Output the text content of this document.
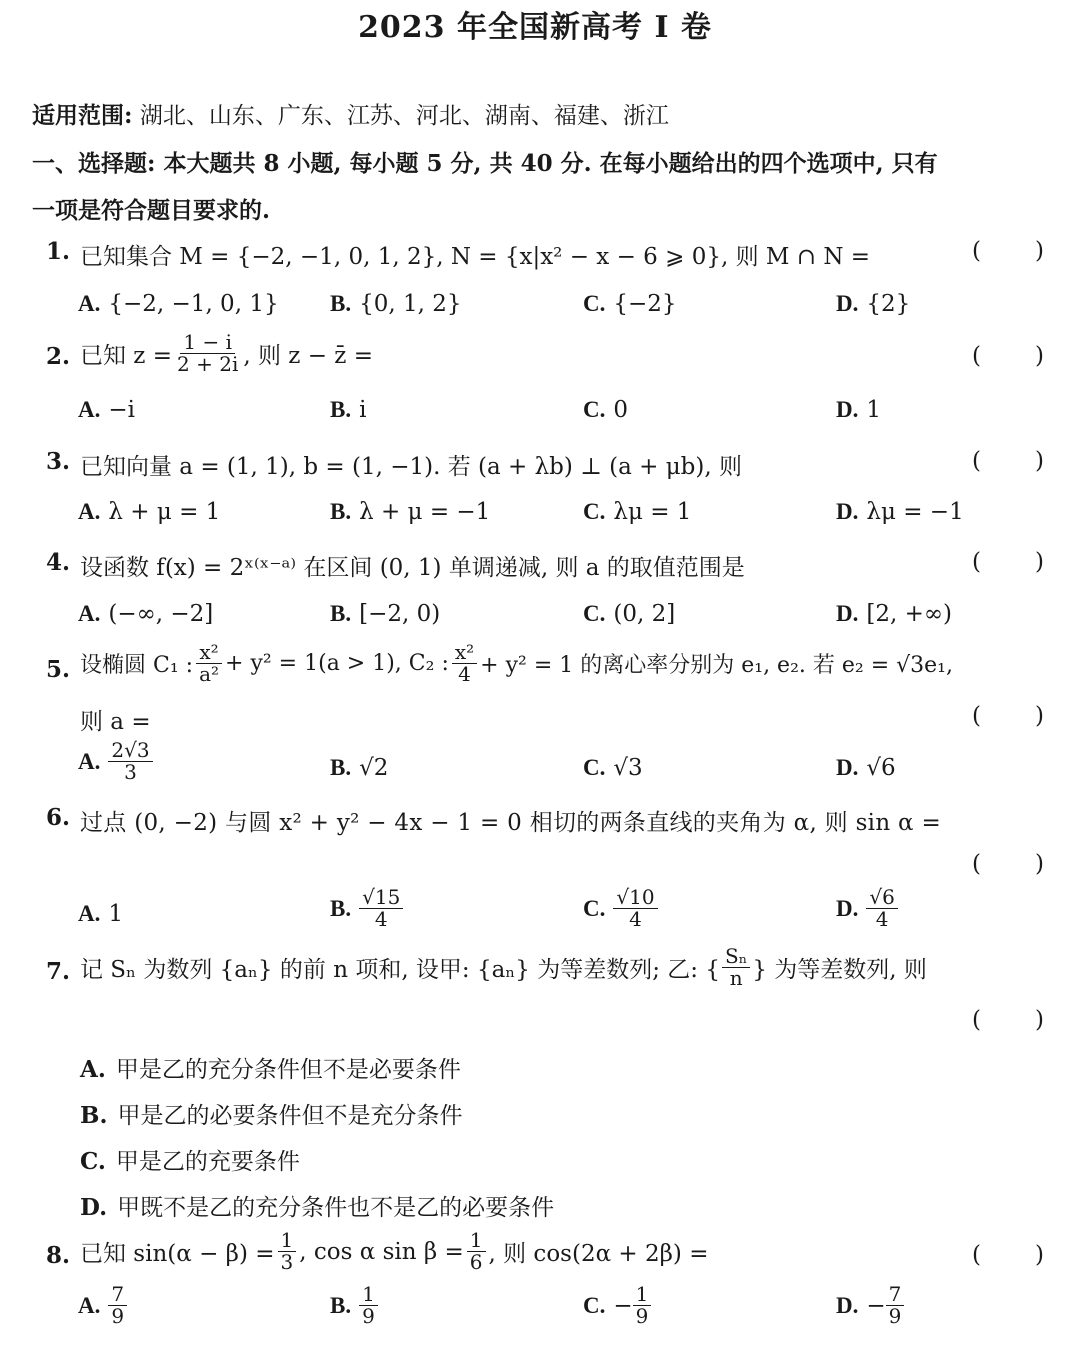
2023 年全国新高考 I 卷
适用范围: 湖北、山东、广东、江苏、河北、湖南、福建、浙江
一、选择题: 本大题共 8 小题, 每小题 5 分, 共 40 分. 在每小题给出的四个选项中, 只有
一项是符合题目要求的.
1. 已知集合 M = {−2, −1, 0, 1, 2}, N = {x|x² − x − 6 ⩾ 0}, 则 M ∩ N =	( )
A. {−2, −1, 0, 1} B. {0, 1, 2}	C. {−2}	D. {2}
2. 已知 $z = \frac{1 - i}{2 + 2i}$ , 则 z − z̄ =	( )
A. −i	B. i	C. 0	D. 1
3. 已知向量 a = (1, 1), b = (1, −1). 若 (a + λb) ⊥ (a + μb), 则	( )
A. λ + μ = 1	B. λ + μ = −1	C. λμ = 1	D. λμ = −1
4. 设函数 f(x) = 2ˣ⁽ˣ⁻ᵃ⁾ 在区间 (0, 1) 单调递减, 则 a 的取值范围是	( )
A. (−∞, −2]	B. [−2, 0)	C. (0, 2]	D. [2, +∞)
5. 设椭圆 C₁ : $\frac{\text{x²}}{\text{a²}} + y^2 = 1(a > 1)$, C₂ : $\frac{\text{x²}}{4} + y^2 = 1$ 的离心率分别为 e₁, e₂. 若 e₂ = √3e₁,
则 a =	( )
A. $\frac{2√3}{3}$	B. √2	C. √3	D. √6
6. 过点 (0, −2) 与圆 x² + y² − 4x − 1 = 0 相切的两条直线的夹角为 α, 则 sin α =
( )
A. 1	B. $\frac{√15}{4}$	C. $\frac{√10}{4}$	D. $\frac{√6}{4}$
7. 记 Sₙ 为数列 {aₙ} 的前 n 项和, 设甲: {aₙ} 为等差数列; 乙: { $\frac{\text{Sₙ}}{n}$ } 为等差数列, 则
( )
A. 甲是乙的充分条件但不是必要条件
B. 甲是乙的必要条件但不是充分条件
C. 甲是乙的充要条件
D. 甲既不是乙的充分条件也不是乙的必要条件
8. 已知 $\sin(\alpha - \beta) = \frac{1}{3}$ , cos α $\sin \beta = \frac{1}{6}$ , 则 cos(2α + 2β) =	( )
A. $\frac{7}{9}$	B. $\frac{1}{9}$	C. − $\frac{1}{9}$	D. − $\frac{7}{9}$
